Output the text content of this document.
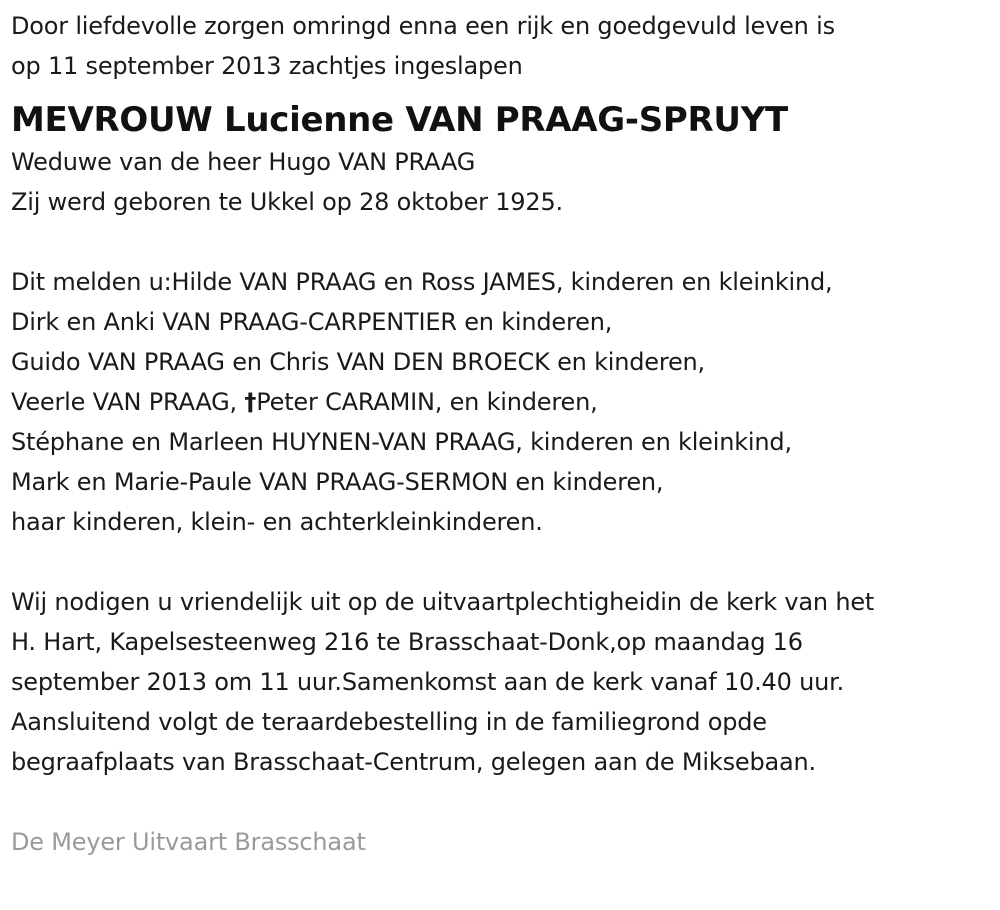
Door liefdevolle zorgen omringd enna een rijk en goedgevuld leven is
op 11 september 2013 zachtjes ingeslapen
MEVROUW Lucienne VAN PRAAG-SPRUYT
Weduwe van de heer Hugo VAN PRAAG
Zij werd geboren te Ukkel op 28 oktober 1925.
Dit melden u:Hilde VAN PRAAG en Ross JAMES, kinderen en kleinkind,
Dirk en Anki VAN PRAAG-CARPENTIER en kinderen,
Guido VAN PRAAG en Chris VAN DEN BROECK en kinderen,
Veerle VAN PRAAG, †Peter CARAMIN, en kinderen,
Stéphane en Marleen HUYNEN-VAN PRAAG, kinderen en kleinkind,
Mark en Marie-Paule VAN PRAAG-SERMON en kinderen,
haar kinderen, klein- en achterkleinkinderen.
Wij nodigen u vriendelijk uit op de uitvaartplechtigheidin de kerk van het
H. Hart, Kapelsesteenweg 216 te Brasschaat-Donk,op maandag 16
september 2013 om 11 uur.Samenkomst aan de kerk vanaf 10.40 uur.
Aansluitend volgt de teraardebestelling in de familiegrond opde
begraafplaats van Brasschaat-Centrum, gelegen aan de Miksebaan.
De Meyer Uitvaart Brasschaat
